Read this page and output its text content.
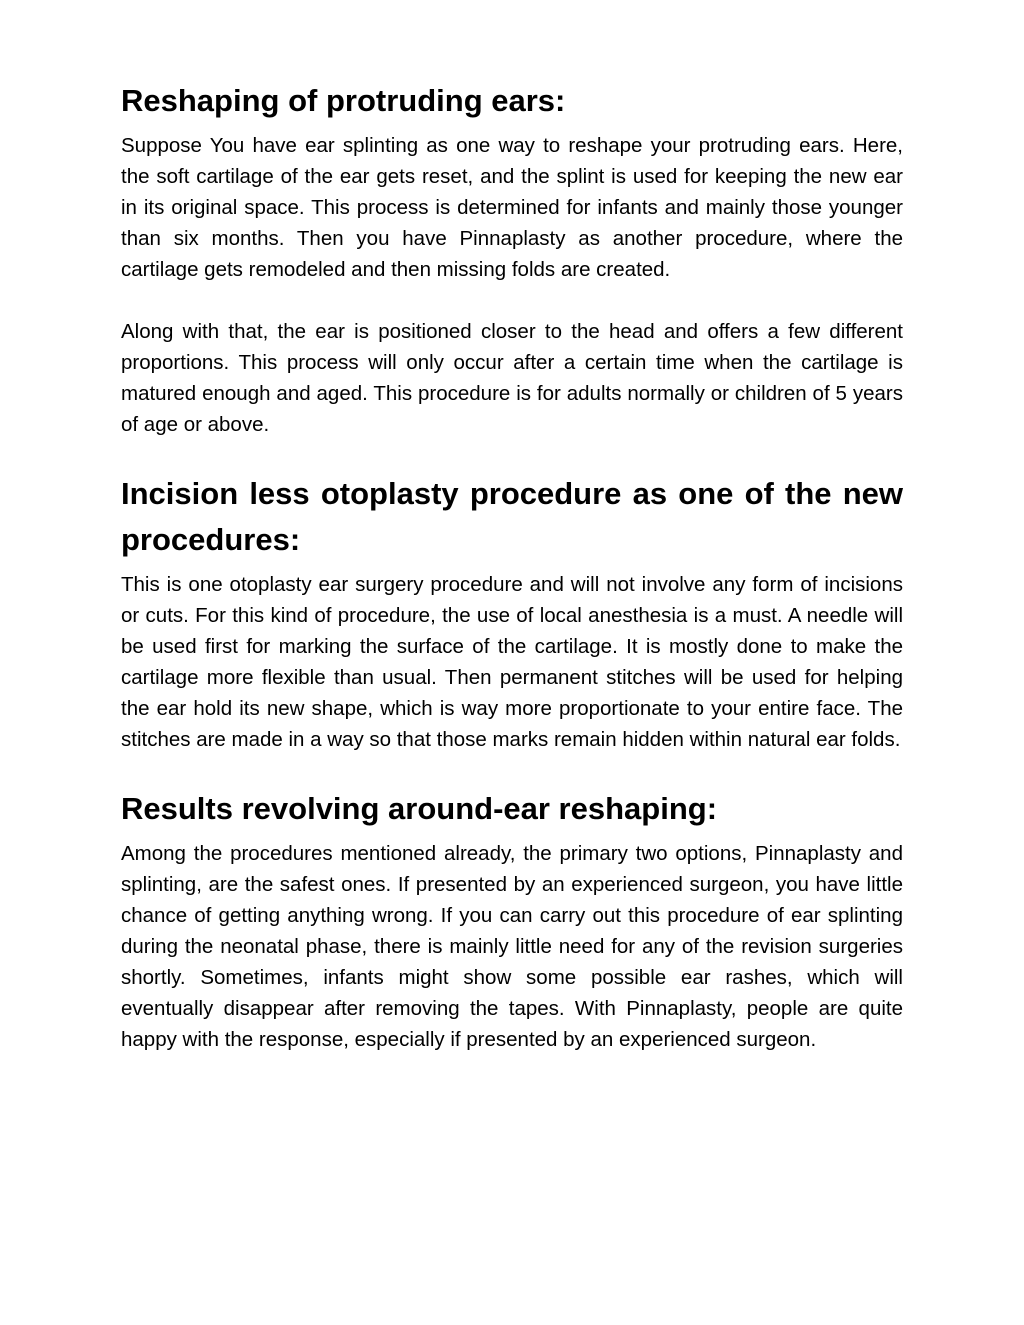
Reshaping of protruding ears:

Suppose You have ear splinting as one way to reshape your protruding ears. Here, the soft cartilage of the ear gets reset, and the splint is used for keeping the new ear in its original space. This process is determined for infants and mainly those younger than six months. Then you have Pinnaplasty as another procedure, where the cartilage gets remodeled and then missing folds are created.

Along with that, the ear is positioned closer to the head and offers a few different proportions. This process will only occur after a certain time when the cartilage is matured enough and aged. This procedure is for adults normally or children of 5 years of age or above.

Incision less otoplasty procedure as one of the new procedures:

This is one otoplasty ear surgery procedure and will not involve any form of incisions or cuts. For this kind of procedure, the use of local anesthesia is a must. A needle will be used first for marking the surface of the cartilage. It is mostly done to make the cartilage more flexible than usual. Then permanent stitches will be used for helping the ear hold its new shape, which is way more proportionate to your entire face. The stitches are made in a way so that those marks remain hidden within natural ear folds.

Results revolving around-ear reshaping:

Among the procedures mentioned already, the primary two options, Pinnaplasty and splinting, are the safest ones. If presented by an experienced surgeon, you have little chance of getting anything wrong. If you can carry out this procedure of ear splinting during the neonatal phase, there is mainly little need for any of the revision surgeries shortly. Sometimes, infants might show some possible ear rashes, which will eventually disappear after removing the tapes. With Pinnaplasty, people are quite happy with the response, especially if presented by an experienced surgeon.
